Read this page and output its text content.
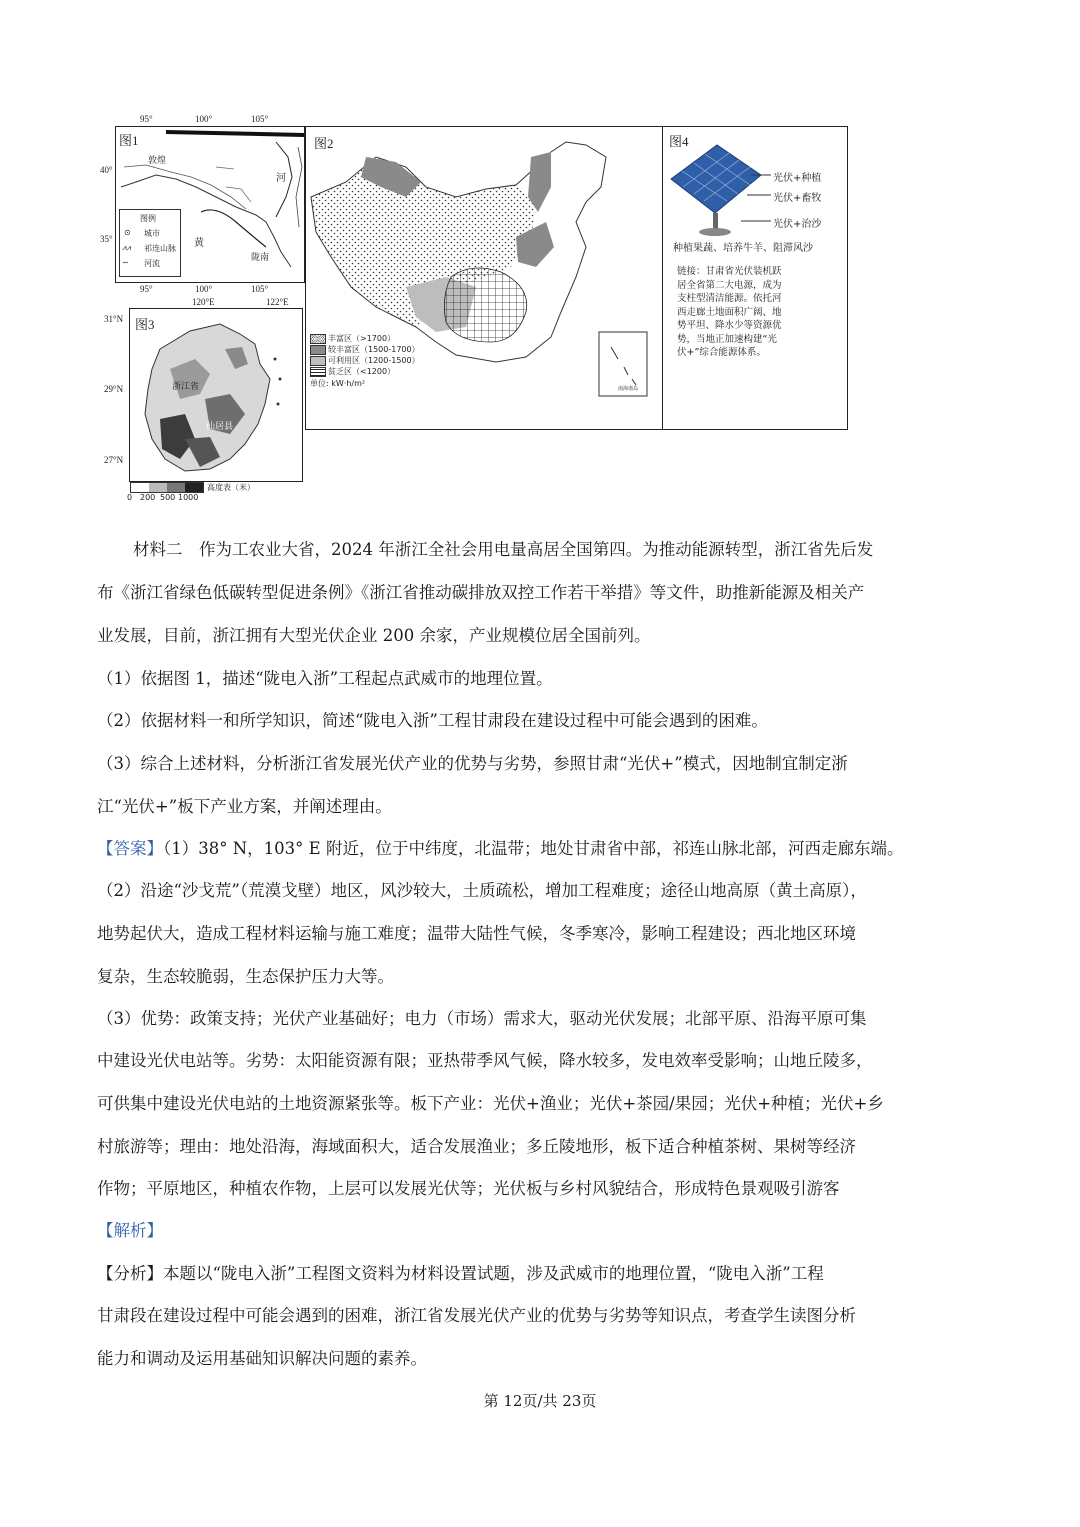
95°	100°	105°
40°
35°
95°	100°	105°
图1
敦煌
河
黄
陇南
图例
⊙ 城市
⩘⩘ 祁连山脉
∽ 河流
120°E	122°E
31°N
29°N
27°N
图3
浙江省
仙居县
高度表（米）
0 200 500 1000
图2
南海诸岛
丰富区（>1700）
较丰富区（1500-1700）
可利用区（1200-1500）
贫乏区（<1200）
单位: kW·h/m²
图4
光伏+种植
光伏+畜牧
光伏+治沙
种植果蔬、培养牛羊、阻滞风沙
链接：甘肃省光伏装机跃
居全省第二大电源，成为
支柱型清洁能源。依托河
西走廊土地面积广阔、地
势平坦、降水少等资源优
势，当地正加速构建“光
伏+”综合能源体系。
材料二　作为工农业大省，2024 年浙江全社会用电量高居全国第四。为推动能源转型，浙江省先后发
布《浙江省绿色低碳转型促进条例》《浙江省推动碳排放双控工作若干举措》等文件，助推新能源及相关产
业发展，目前，浙江拥有大型光伏企业 200 余家，产业规模位居全国前列。
（1）依据图 1，描述“陇电入浙”工程起点武威市的地理位置。
（2）依据材料一和所学知识，简述“陇电入浙”工程甘肃段在建设过程中可能会遇到的困难。
（3）综合上述材料，分析浙江省发展光伏产业的优势与劣势，参照甘肃“光伏+”模式，因地制宜制定浙
江“光伏+”板下产业方案，并阐述理由。
【答案】（1）38° N，103° E 附近，位于中纬度，北温带；地处甘肃省中部，祁连山脉北部，河西走廊东端。
（2）沿途“沙戈荒”（荒漠戈壁）地区，风沙较大，土质疏松，增加工程难度；途径山地高原（黄土高原），
地势起伏大，造成工程材料运输与施工难度；温带大陆性气候，冬季寒冷，影响工程建设；西北地区环境
复杂，生态较脆弱，生态保护压力大等。
（3）优势：政策支持；光伏产业基础好；电力（市场）需求大，驱动光伏发展；北部平原、沿海平原可集
中建设光伏电站等。劣势：太阳能资源有限；亚热带季风气候，降水较多，发电效率受影响；山地丘陵多，
可供集中建设光伏电站的土地资源紧张等。板下产业：光伏+渔业；光伏+茶园/果园；光伏+种植；光伏+乡
村旅游等；理由：地处沿海，海域面积大，适合发展渔业；多丘陵地形，板下适合种植茶树、果树等经济
作物；平原地区，种植农作物，上层可以发展光伏等；光伏板与乡村风貌结合，形成特色景观吸引游客
【解析】
【分析】本题以“陇电入浙”工程图文资料为材料设置试题，涉及武威市的地理位置，“陇电入浙”工程
甘肃段在建设过程中可能会遇到的困难，浙江省发展光伏产业的优势与劣势等知识点，考查学生读图分析
能力和调动及运用基础知识解决问题的素养。
第 12页/共 23页
